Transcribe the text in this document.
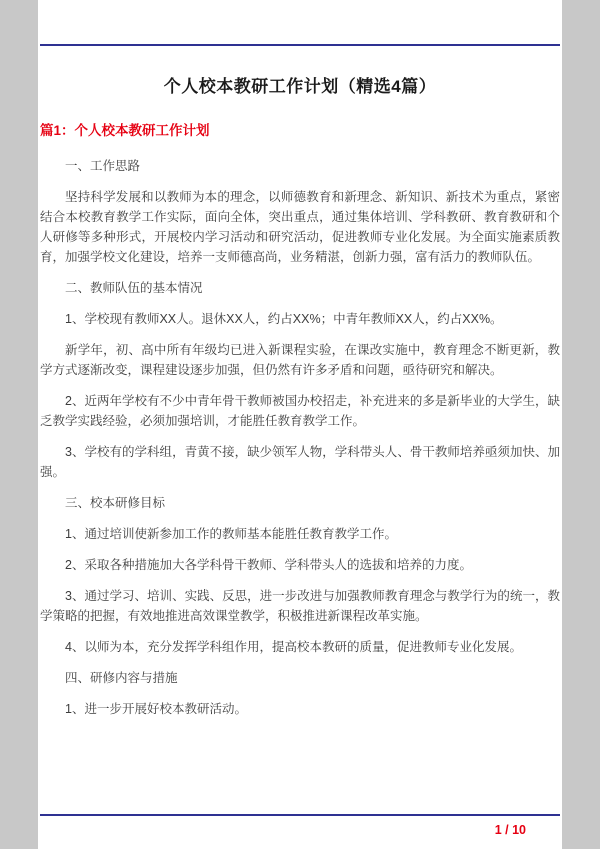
个人校本教研工作计划（精选4篇）
篇1：个人校本教研工作计划

一、工作思路

坚持科学发展和以教师为本的理念，以师德教育和新理念、新知识、新技术为重点，紧密结合本校教育教学工作实际，面向全体，突出重点，通过集体培训、学科教研、教育教研和个人研修等多种形式，开展校内学习活动和研究活动，促进教师专业化发展。为全面实施素质教育，加强学校文化建设，培养一支师德高尚，业务精湛，创新力强，富有活力的教师队伍。

二、教师队伍的基本情况

1、学校现有教师XX人。退休XX人，约占XX%；中青年教师XX人，约占XX%。

新学年，初、高中所有年级均已进入新课程实验，在课改实施中，教育理念不断更新，教学方式逐渐改变，课程建设逐步加强，但仍然有许多矛盾和问题，亟待研究和解决。

2、近两年学校有不少中青年骨干教师被国办校招走，补充进来的多是新毕业的大学生，缺乏教学实践经验，必须加强培训，才能胜任教育教学工作。

3、学校有的学科组，青黄不接，缺少领军人物，学科带头人、骨干教师培养亟须加快、加强。

三、校本研修目标

1、通过培训使新参加工作的教师基本能胜任教育教学工作。

2、采取各种措施加大各学科骨干教师、学科带头人的选拔和培养的力度。

3、通过学习、培训、实践、反思，进一步改进与加强教师教育理念与教学行为的统一，教学策略的把握，有效地推进高效课堂教学，积极推进新课程改革实施。

4、以师为本，充分发挥学科组作用，提高校本教研的质量，促进教师专业化发展。

四、研修内容与措施

1、进一步开展好校本教研活动。

1 / 10
